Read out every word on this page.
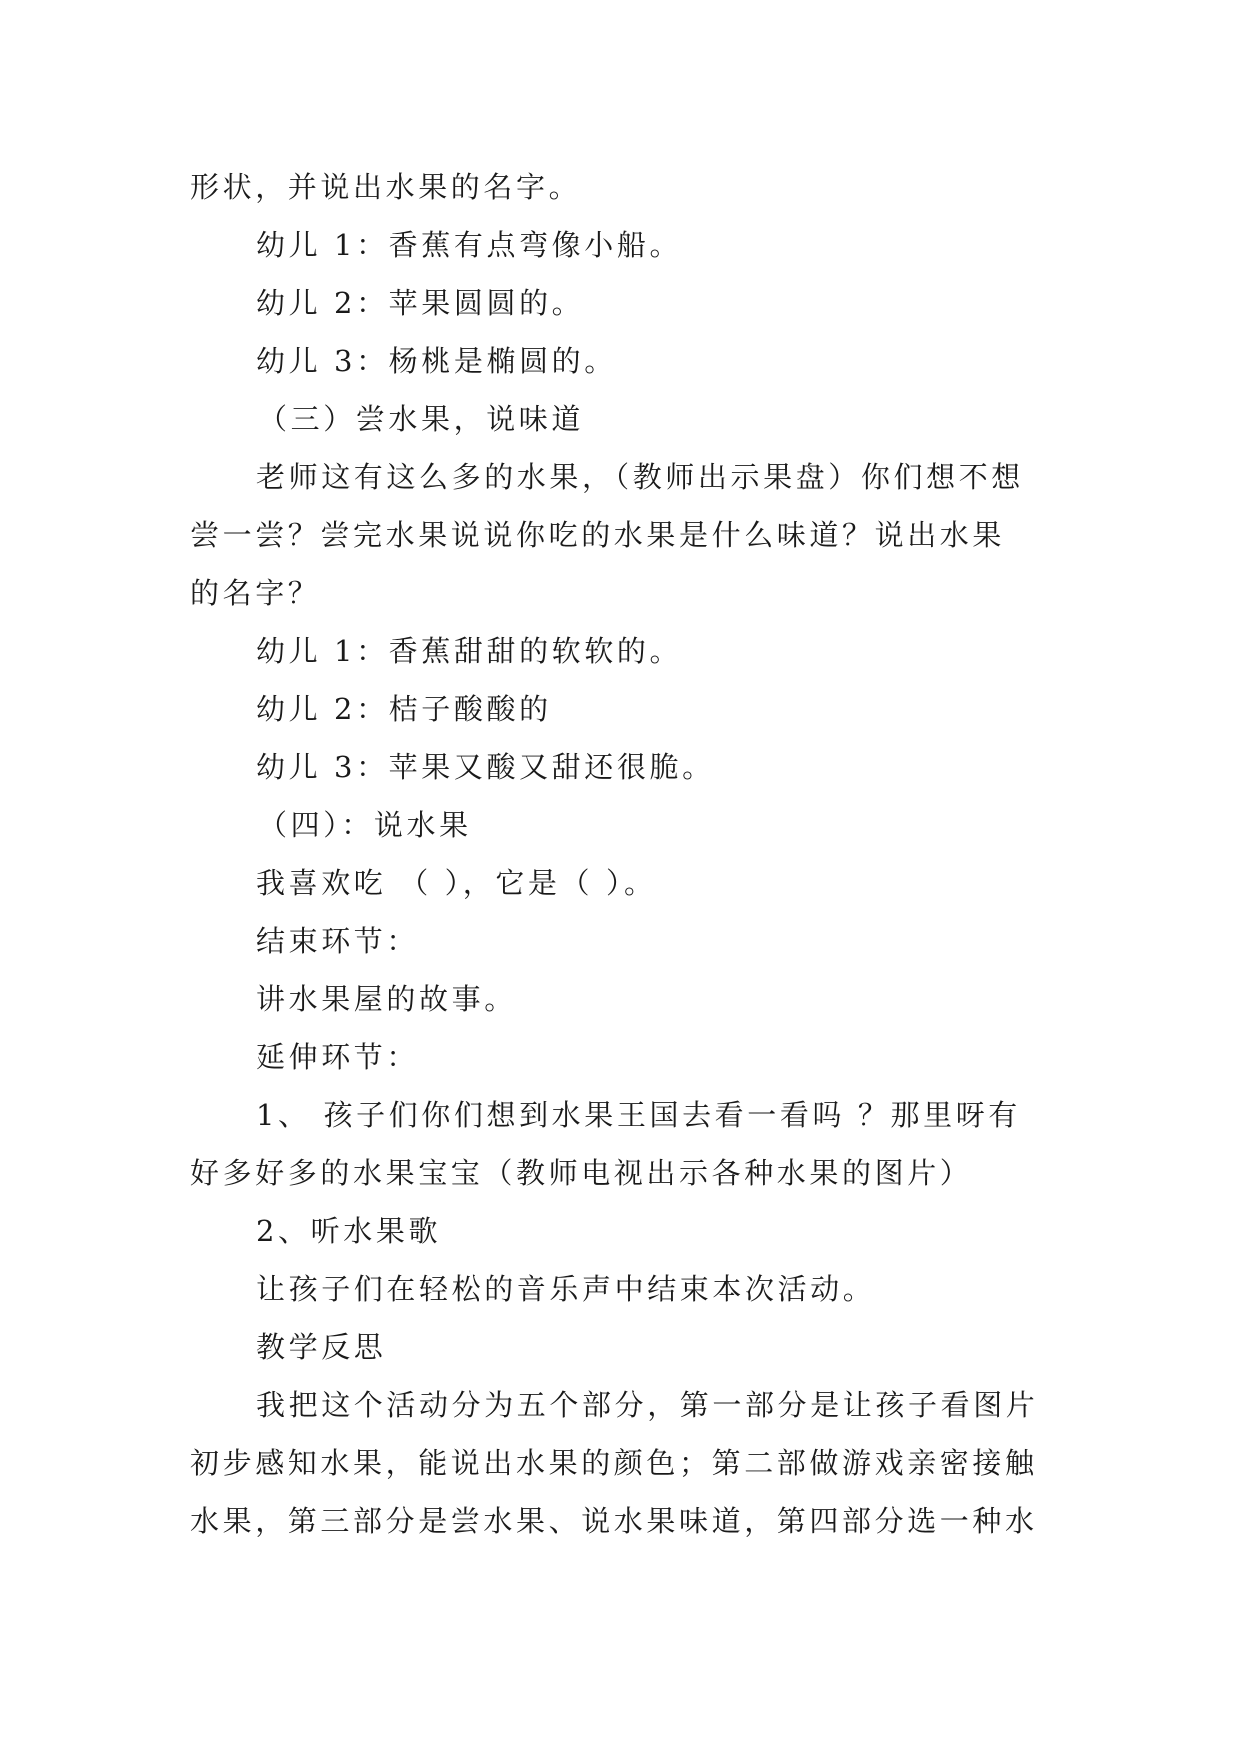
形状，并说出水果的名字。
幼儿 1：香蕉有点弯像小船。
幼儿 2：苹果圆圆的。
幼儿 3：杨桃是椭圆的。
（三）尝水果，说味道
老师这有这么多的水果，（教师出示果盘）你们想不想
尝一尝？尝完水果说说你吃的水果是什么味道？说出水果
的名字？
幼儿 1：香蕉甜甜的软软的。
幼儿 2：桔子酸酸的
幼儿 3：苹果又酸又甜还很脆。
（四）：说水果
我喜欢吃 （ ），它是（ ）。
结束环节：
讲水果屋的故事。
延伸环节：
1、 孩子们你们想到水果王国去看一看吗 ？那里呀有
好多好多的水果宝宝（教师电视出示各种水果的图片）
2、听水果歌
让孩子们在轻松的音乐声中结束本次活动。
教学反思
我把这个活动分为五个部分，第一部分是让孩子看图片
初步感知水果，能说出水果的颜色；第二部做游戏亲密接触
水果，第三部分是尝水果、说水果味道，第四部分选一种水
